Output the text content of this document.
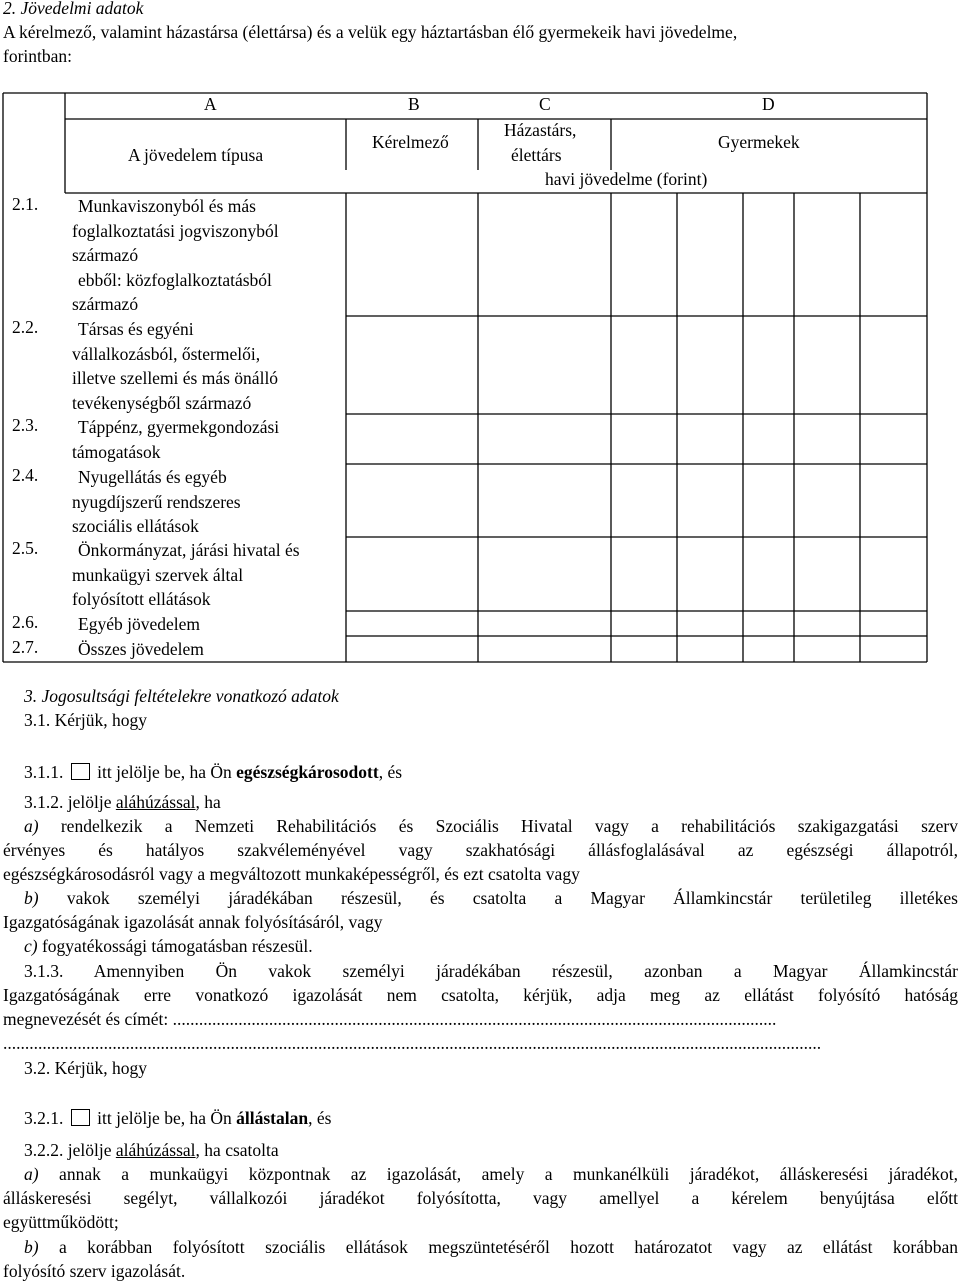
2. Jövedelmi adatok
A kérelmező, valamint házastársa (élettársa) és a velük egy háztartásban élő gyermekeik havi jövedelme,
forintban:
A	B	C	D
A jövedelem típusa
Kérelmező
Házastárs,
élettárs
Gyermekek
havi jövedelme (forint)
2.1.	Munkaviszonyból és más
foglalkoztatási jogviszonyból
származó
ebből: közfoglalkoztatásból
származó
2.2.	Társas és egyéni
vállalkozásból, őstermelői,
illetve szellemi és más önálló
tevékenységből származó
2.3.	Táppénz, gyermekgondozási
támogatások
2.4.	Nyugellátás és egyéb
nyugdíjszerű rendszeres
szociális ellátások
2.5.	Önkormányzat, járási hivatal és
munkaügyi szervek által
folyósított ellátások
2.6. Egyéb jövedelem
2.7. Összes jövedelem
3. Jogosultsági feltételekre vonatkozó adatok
3.1. Kérjük, hogy
3.1.1. itt jelölje be, ha Ön egészségkárosodott, és
3.1.2. jelölje aláhúzással, ha
a) rendelkezik a Nemzeti Rehabilitációs és Szociális Hivatal vagy a rehabilitációs szakigazgatási szerv
érvényes és hatályos szakvéleményével vagy szakhatósági állásfoglalásával az egészségi állapotról,
egészségkárosodásról vagy a megváltozott munkaképességről, és ezt csatolta vagy
b) vakok személyi járadékában részesül, és csatolta a Magyar Államkincstár területileg illetékes
Igazgatóságának igazolását annak folyósításáról, vagy
c) fogyatékossági támogatásban részesül.
3.1.3. Amennyiben Ön vakok személyi járadékában részesül, azonban a Magyar Államkincstár
Igazgatóságának erre vonatkozó igazolását nem csatolta, kérjük, adja meg az ellátást folyósító hatóság
megnevezését és címét: ..........................................................................................................................................
...........................................................................................................................................................................................
3.2. Kérjük, hogy
3.2.1. itt jelölje be, ha Ön állástalan, és
3.2.2. jelölje aláhúzással, ha csatolta
a) annak a munkaügyi központnak az igazolását, amely a munkanélküli járadékot, álláskeresési járadékot,
álláskeresési segélyt, vállalkozói járadékot folyósította, vagy amellyel a kérelem benyújtása előtt
együttműködött;
b) a korábban folyósított szociális ellátások megszüntetéséről hozott határozatot vagy az ellátást korábban
folyósító szerv igazolását.
